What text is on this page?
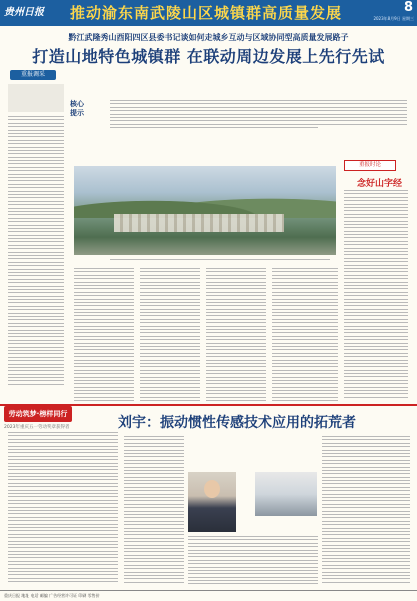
贵州日报	推动渝东南武陵山区城镇群高质量发展	8
2023年8月9日 星期三
黔江武隆秀山酉阳四区县委书记谈如何走城乡互动与区域协同型高质量发展路子
打造山地特色城镇群 在联动周边发展上先行先试
重报调采
核心
提示
重报时论
念好山字经
劳动筑梦·榜样同行
2023年重庆五一劳动奖章获得者	刘宇：振动惯性传感技术应用的拓荒者
重庆日报 地址 电话 邮编 广告经营许可证 印刷 零售价
